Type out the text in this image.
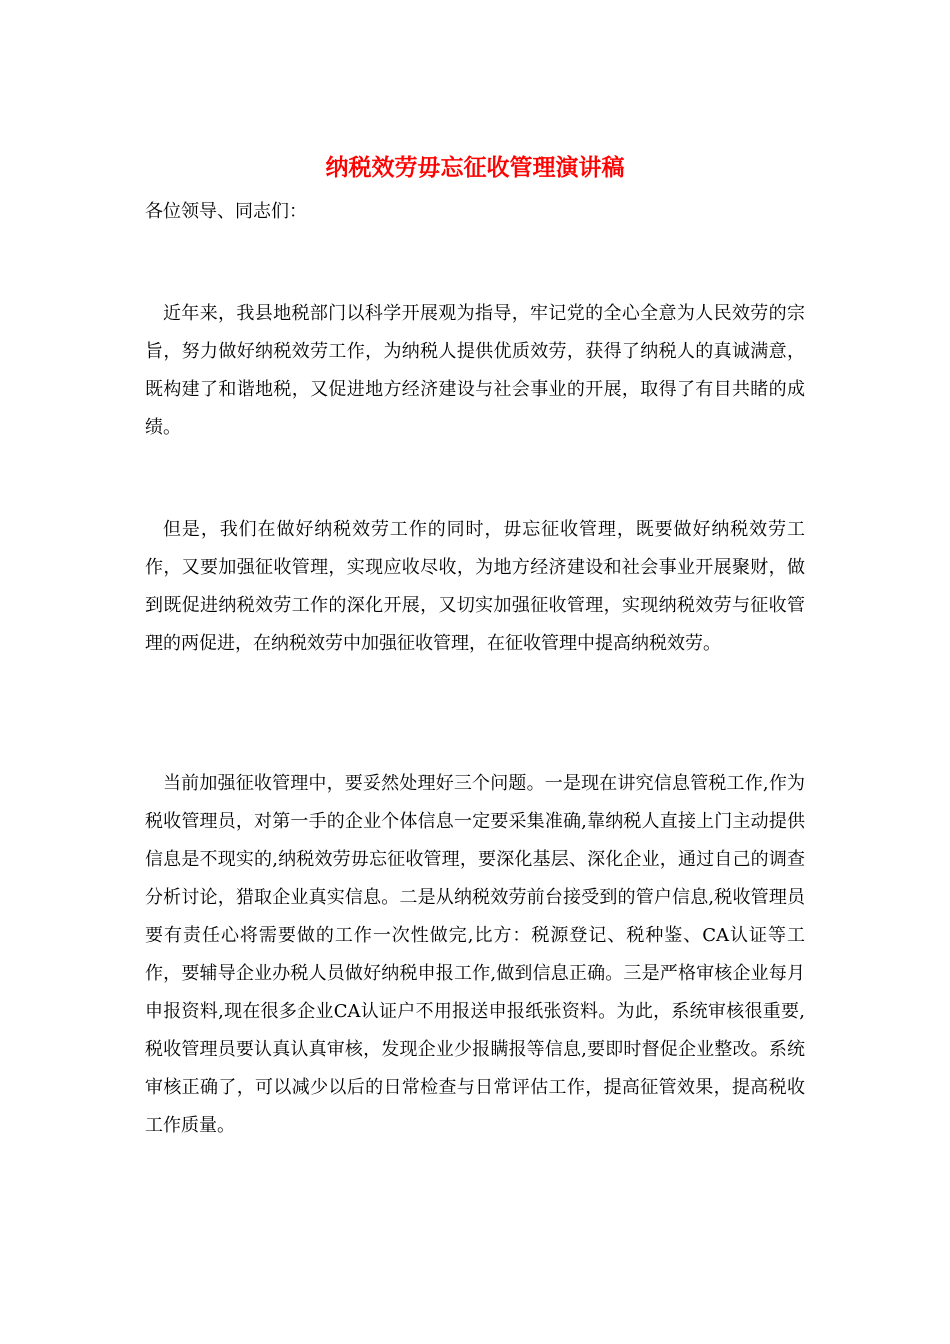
纳税效劳毋忘征收管理演讲稿
各位领导、同志们：
近年来，我县地税部门以科学开展观为指导，牢记党的全心全意为人民效劳的宗旨，努力做好纳税效劳工作，为纳税人提供优质效劳，获得了纳税人的真诚满意，既构建了和谐地税，又促进地方经济建设与社会事业的开展，取得了有目共睹的成绩。
但是，我们在做好纳税效劳工作的同时，毋忘征收管理，既要做好纳税效劳工作，又要加强征收管理，实现应收尽收，为地方经济建设和社会事业开展聚财，做到既促进纳税效劳工作的深化开展，又切实加强征收管理，实现纳税效劳与征收管理的两促进，在纳税效劳中加强征收管理，在征收管理中提高纳税效劳。
当前加强征收管理中，要妥然处理好三个问题。一是现在讲究信息管税工作,作为税收管理员，对第一手的企业个体信息一定要采集准确,靠纳税人直接上门主动提供信息是不现实的,纳税效劳毋忘征收管理，要深化基层、深化企业，通过自己的调查分析讨论，猎取企业真实信息。二是从纳税效劳前台接受到的管户信息,税收管理员要有责任心将需要做的工作一次性做完,比方：税源登记、税种鉴、CA认证等工作，要辅导企业办税人员做好纳税申报工作,做到信息正确。三是严格审核企业每月申报资料,现在很多企业CA认证户不用报送申报纸张资料。为此，系统审核很重要,税收管理员要认真认真审核，发现企业少报瞒报等信息,要即时督促企业整改。系统审核正确了，可以减少以后的日常检查与日常评估工作，提高征管效果，提高税收工作质量。
